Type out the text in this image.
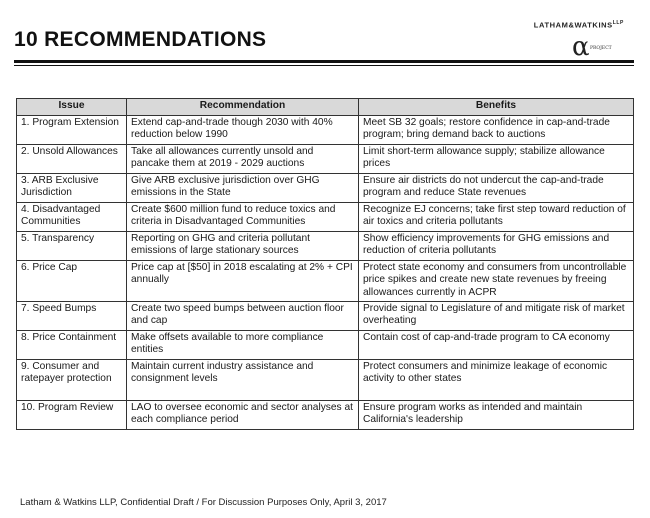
10 RECOMMENDATIONS
$LATHAM\&WATKINS^{LLP}$
α PROJECT
Issue	Recommendation	Benefits
1. Program Extension	Extend cap-and-trade though 2030 with 40% reduction below 1990	Meet SB 32 goals; restore confidence in cap-and-trade program; bring demand back to auctions
2. Unsold Allowances	Take all allowances currently unsold and pancake them at 2019 - 2029 auctions	Limit short-term allowance supply; stabilize allowance prices
3. ARB Exclusive Jurisdiction	Give ARB exclusive jurisdiction over GHG emissions in the State	Ensure air districts do not undercut the cap-and-trade program and reduce State revenues
4. Disadvantaged Communities	Create $600 million fund to reduce toxics and criteria in Disadvantaged Communities	Recognize EJ concerns; take first step toward reduction of air toxics and criteria pollutants
5. Transparency	Reporting on GHG and criteria pollutant emissions of large stationary sources	Show efficiency improvements for GHG emissions and reduction of criteria pollutants
6. Price Cap	Price cap at [$50] in 2018 escalating at 2% + CPI annually	Protect state economy and consumers from uncontrollable price spikes and create new state revenues by freeing allowances currently in ACPR
7. Speed Bumps	Create two speed bumps between auction floor and cap	Provide signal to Legislature of and mitigate risk of market overheating
8. Price Containment	Make offsets available to more compliance entities	Contain cost of cap-and-trade program to CA economy
9. Consumer and ratepayer protection	Maintain current industry assistance and consignment levels	Protect consumers and minimize leakage of economic activity to other states
10. Program Review	LAO to oversee economic and sector analyses at each compliance period	Ensure program works as intended and maintain California's leadership
Latham & Watkins LLP, Confidential Draft / For Discussion Purposes Only, April 3, 2017
